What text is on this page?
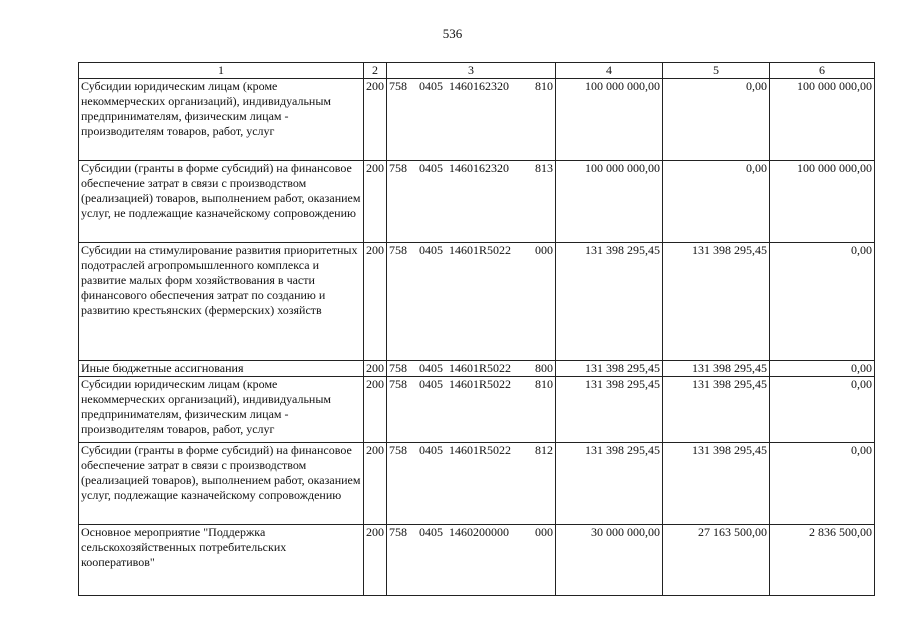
536
1	2	3	4	5	6
Субсидии юридическим лицам (кроме некоммерческих организаций), индивидуальным предпринимателям, физическим лицам - производителям товаров, работ, услуг	200	758 0405 1460162320 810	100 000 000,00	0,00	100 000 000,00
Субсидии (гранты в форме субсидий) на финансовое обеспечение затрат в связи с производством (реализацией) товаров, выполнением работ, оказанием услуг, не подлежащие казначейскому сопровождению	200	758 0405 1460162320 813	100 000 000,00	0,00	100 000 000,00
Субсидии на стимулирование развития приоритетных подотраслей агропромышленного комплекса и развитие малых форм хозяйствования в части финансового обеспечения затрат по созданию и развитию крестьянских (фермерских) хозяйств	200	758 0405 14601R5022 000	131 398 295,45	131 398 295,45	0,00
Иные бюджетные ассигнования	200	758 0405 14601R5022 800	131 398 295,45	131 398 295,45	0,00
Субсидии юридическим лицам (кроме некоммерческих организаций), индивидуальным предпринимателям, физическим лицам - производителям товаров, работ, услуг	200	758 0405 14601R5022 810	131 398 295,45	131 398 295,45	0,00
Субсидии (гранты в форме субсидий) на финансовое обеспечение затрат в связи с производством (реализацией товаров), выполнением работ, оказанием услуг, подлежащие казначейскому сопровождению	200	758 0405 14601R5022 812	131 398 295,45	131 398 295,45	0,00
Основное мероприятие "Поддержка сельскохозяйственных потребительских кооперативов"	200	758 0405 1460200000 000	30 000 000,00	27 163 500,00	2 836 500,00
